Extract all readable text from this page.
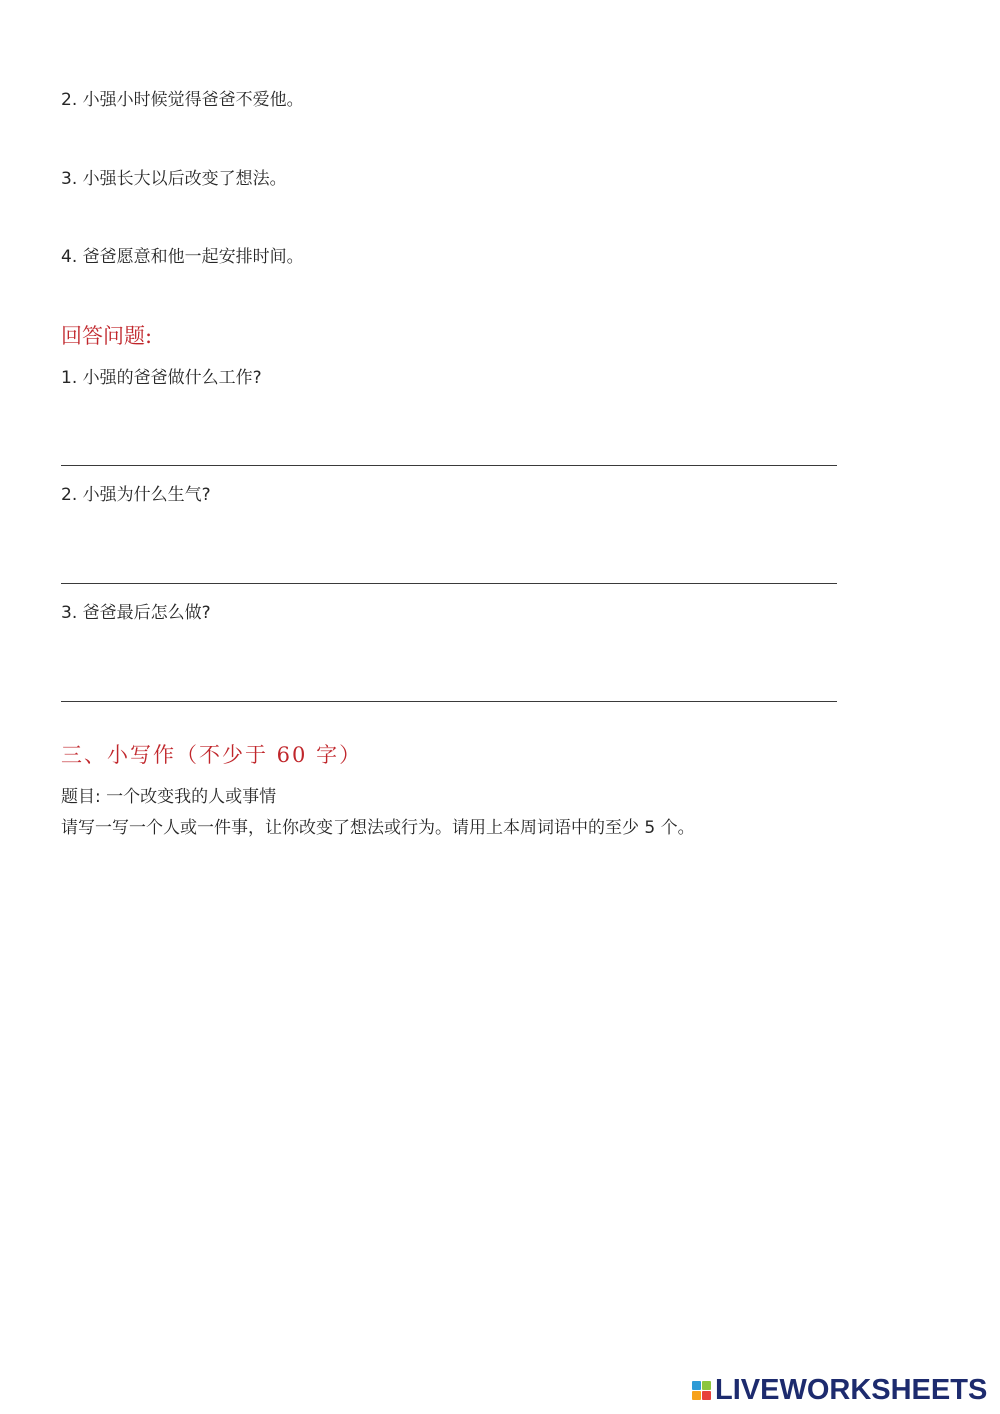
2. 小强小时候觉得爸爸不爱他。
3. 小强长大以后改变了想法。
4. 爸爸愿意和他一起安排时间。
回答问题:
1. 小强的爸爸做什么工作?
2. 小强为什么生气?
3. 爸爸最后怎么做?
三、小写作（不少于 60 字）
题目: 一个改变我的人或事情
请写一写一个人或一件事，让你改变了想法或行为。请用上本周词语中的至少 5 个。
LIVEWORKSHEETS
